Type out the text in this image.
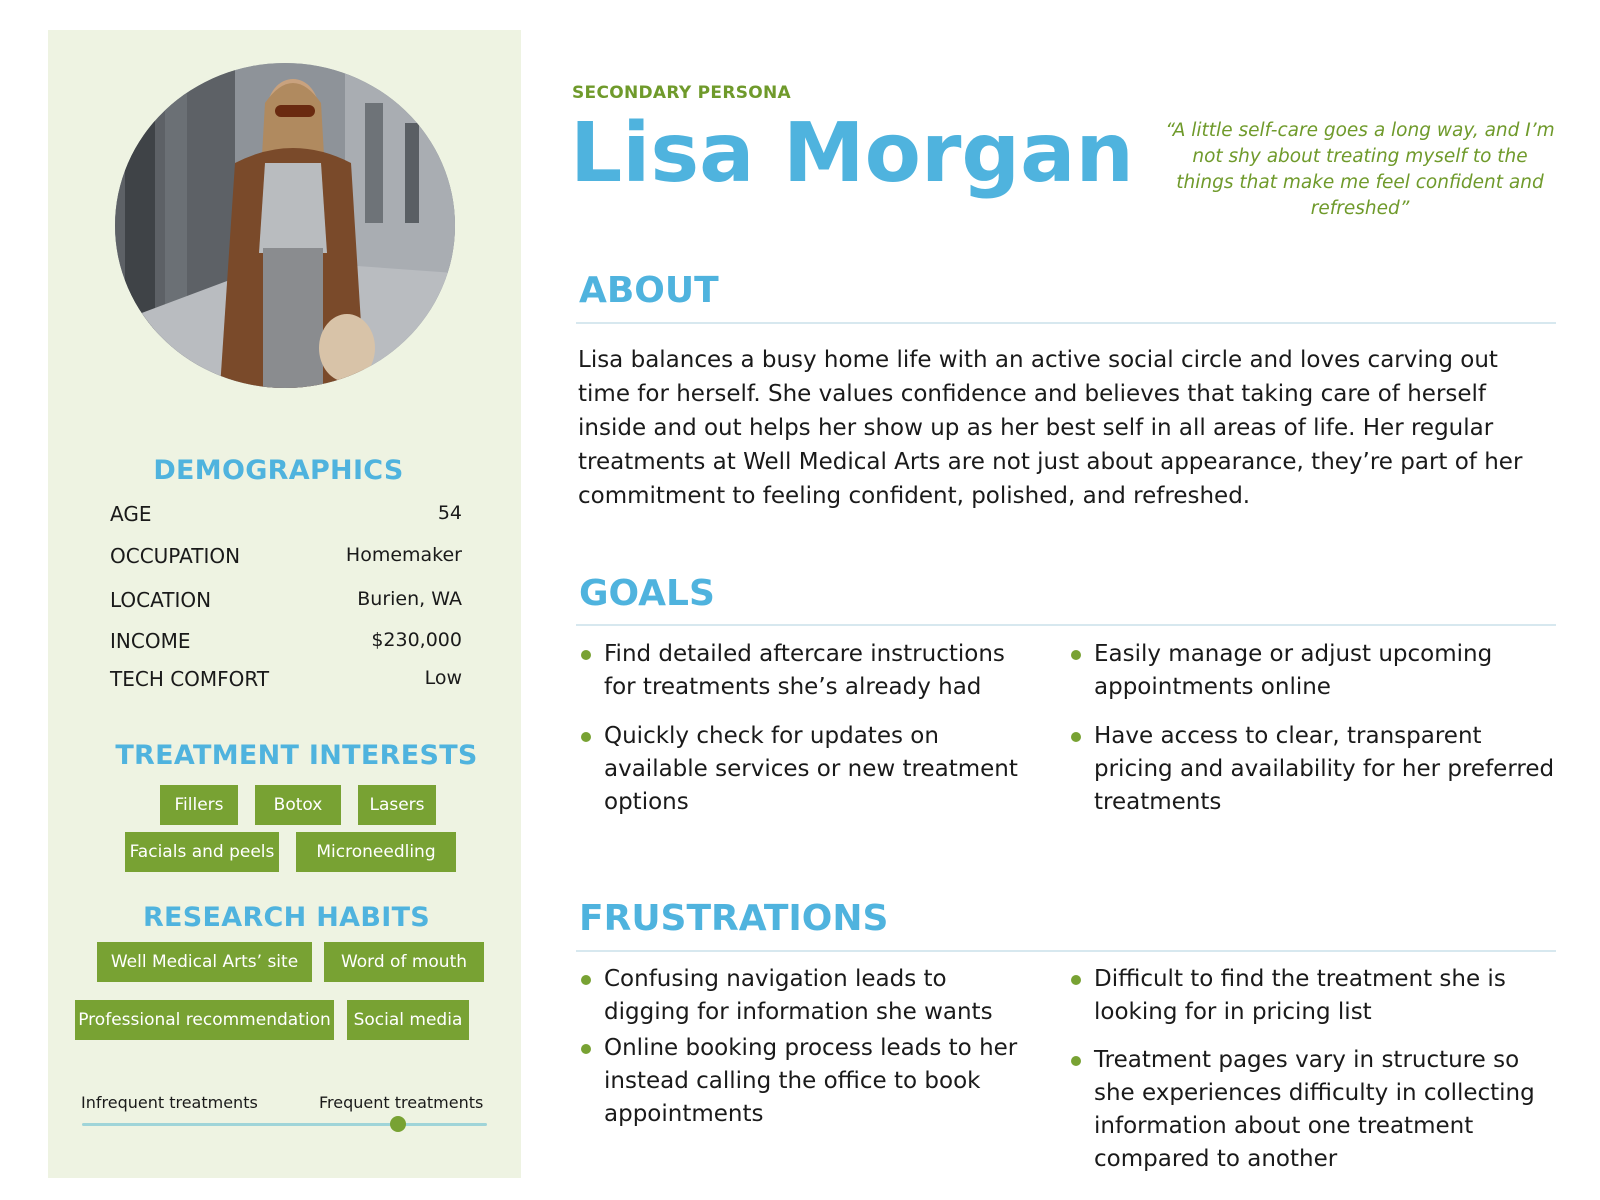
DEMOGRAPHICS
AGE	54
OCCUPATION	Homemaker
LOCATION	Burien, WA
INCOME	$230,000
TECH COMFORT	Low
TREATMENT INTERESTS
Fillers	Botox	Lasers
Facials and peels	Microneedling
RESEARCH HABITS
Well Medical Arts’ site	Word of mouth
Professional recommendation	Social media
Infrequent treatments	Frequent treatments
SECONDARY PERSONA
Lisa Morgan “A little self-care goes a long way, and I’m not shy about treating myself to the things that make me feel confident and refreshed”
ABOUT
Lisa balances a busy home life with an active social circle and loves carving out time for herself. She values confidence and believes that taking care of herself inside and out helps her show up as her best self in all areas of life. Her regular treatments at Well Medical Arts are not just about appearance, they’re part of her commitment to feeling confident, polished, and refreshed.
GOALS
Find detailed aftercare instructions for treatments she’s already had
Quickly check for updates on available services or new treatment options
Easily manage or adjust upcoming appointments online
Have access to clear, transparent pricing and availability for her preferred treatments
FRUSTRATIONS
Confusing navigation leads to digging for information she wants
Online booking process leads to her instead calling the office to book appointments
Difficult to find the treatment she is looking for in pricing list
Treatment pages vary in structure so she experiences difficulty in collecting information about one treatment compared to another
